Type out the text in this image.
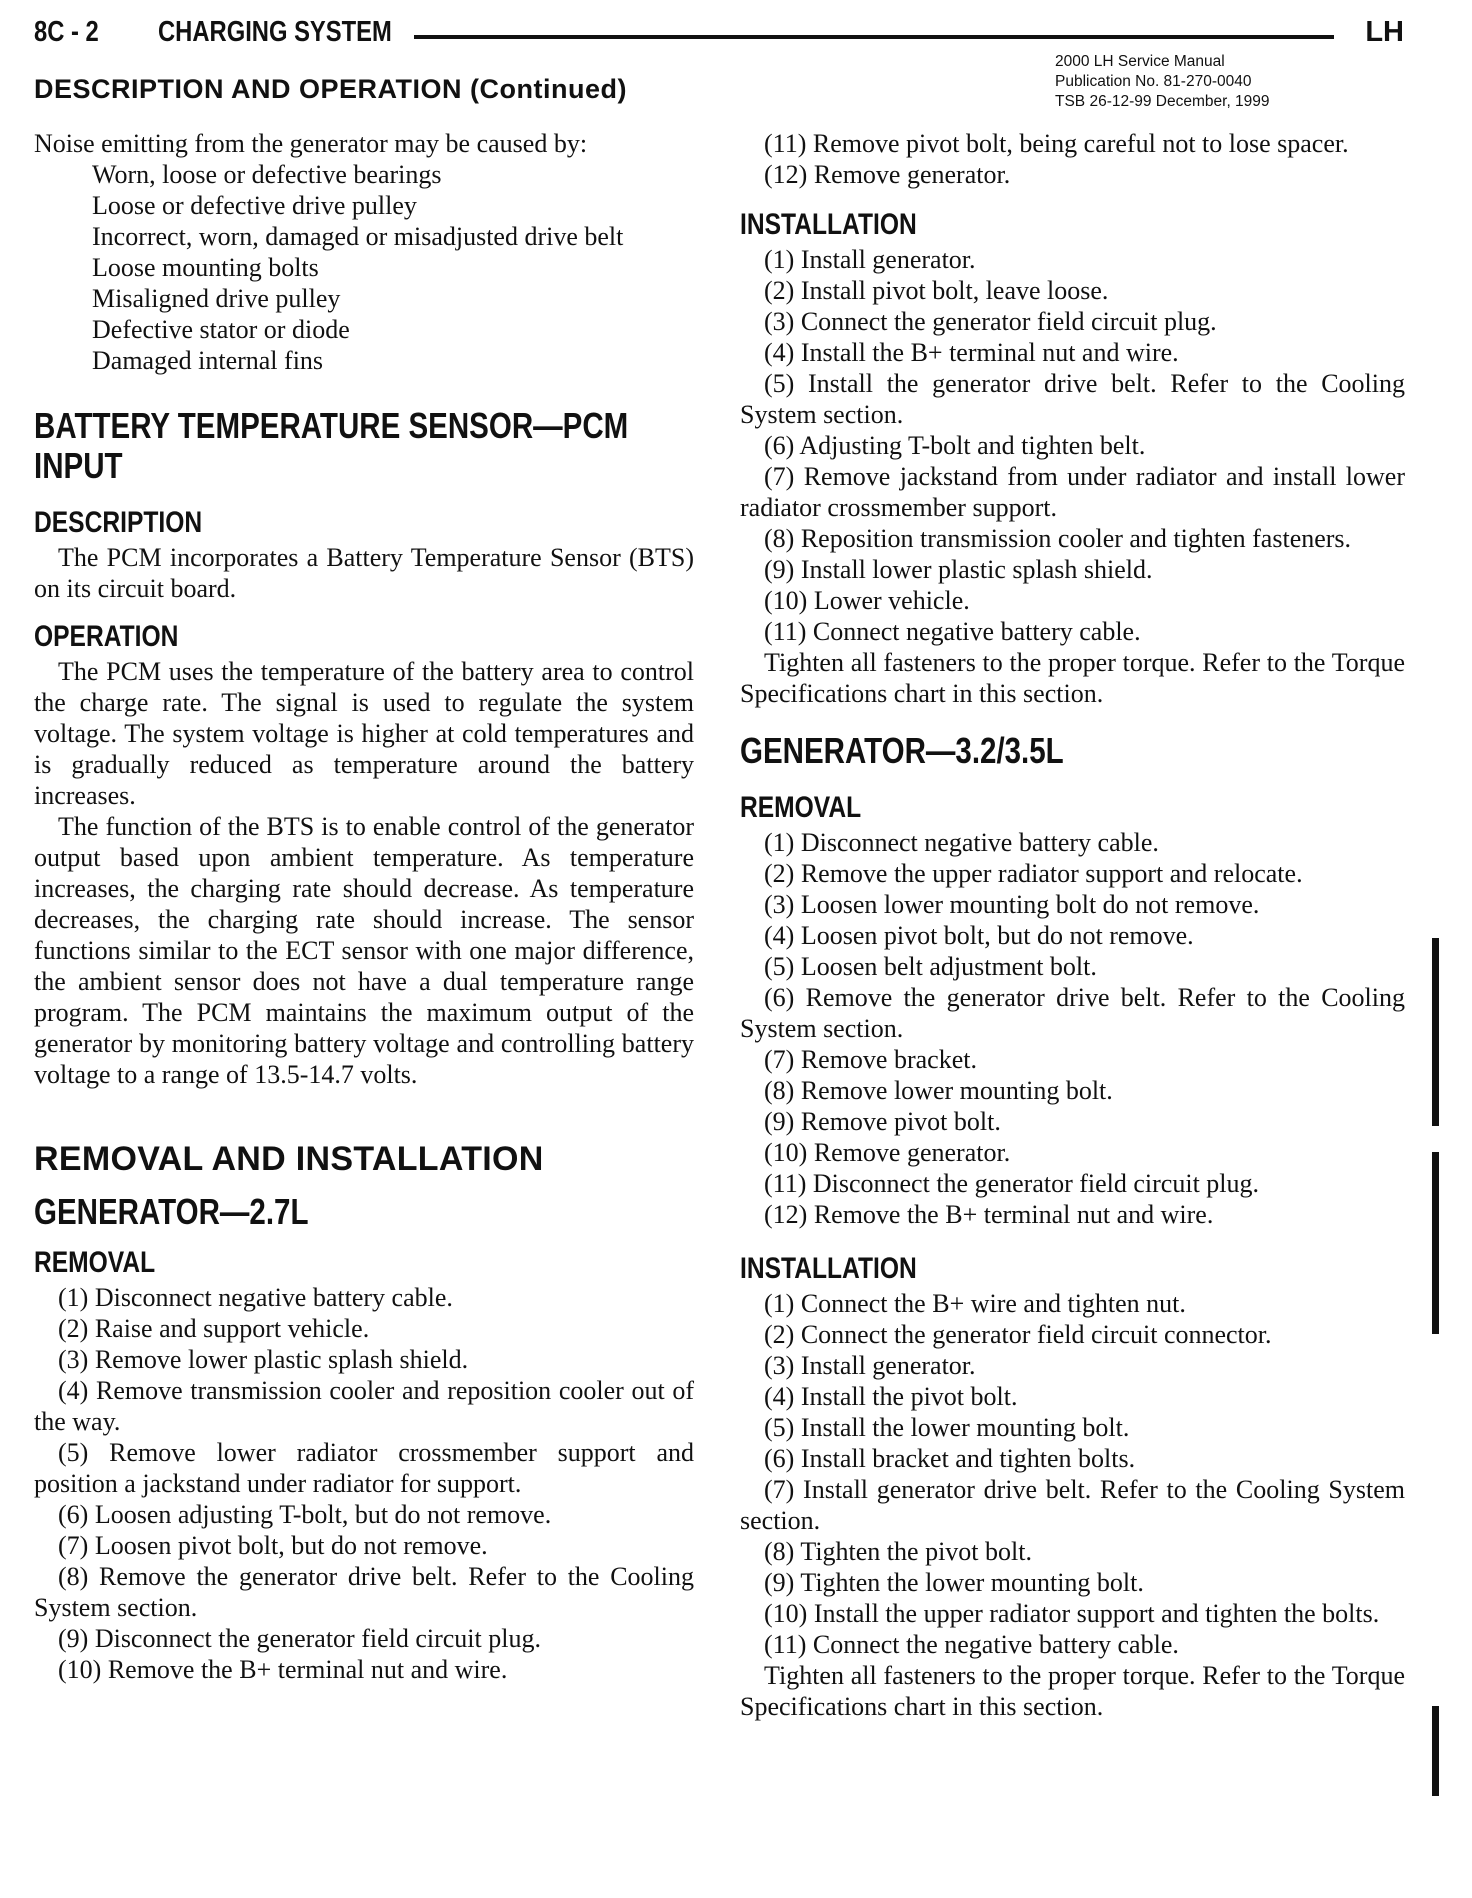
8C - 2 CHARGING SYSTEM	LH
2000 LH Service Manual
Publication No. 81-270-0040
TSB 26-12-99 December, 1999
DESCRIPTION AND OPERATION (Continued)

Noise emitting from the generator may be caused by:

Worn, loose or defective bearings

Loose or defective drive pulley

Incorrect, worn, damaged or misadjusted drive belt

Loose mounting bolts

Misaligned drive pulley

Defective stator or diode

Damaged internal fins

BATTERY TEMPERATURE SENSOR—PCM INPUT
DESCRIPTION

The PCM incorporates a Battery Temperature Sensor (BTS) on its circuit board.

OPERATION

The PCM uses the temperature of the battery area to control the charge rate. The signal is used to regulate the system voltage. The system voltage is higher at cold temperatures and is gradually reduced as temperature around the battery increases.

The function of the BTS is to enable control of the generator output based upon ambient temperature. As temperature increases, the charging rate should decrease. As temperature decreases, the charging rate should increase. The sensor functions similar to the ECT sensor with one major difference, the ambient sensor does not have a dual temperature range program. The PCM maintains the maximum output of the generator by monitoring battery voltage and controlling battery voltage to a range of 13.5-14.7 volts.

REMOVAL AND INSTALLATION
GENERATOR—2.7L
REMOVAL

(1) Disconnect negative battery cable.

(2) Raise and support vehicle.

(3) Remove lower plastic splash shield.

(4) Remove transmission cooler and reposition cooler out of the way.

(5) Remove lower radiator crossmember support and position a jackstand under radiator for support.

(6) Loosen adjusting T-bolt, but do not remove.

(7) Loosen pivot bolt, but do not remove.

(8) Remove the generator drive belt. Refer to the Cooling System section.

(9) Disconnect the generator field circuit plug.

(10) Remove the B+ terminal nut and wire.

(11) Remove pivot bolt, being careful not to lose spacer.

(12) Remove generator.

INSTALLATION

(1) Install generator.

(2) Install pivot bolt, leave loose.

(3) Connect the generator field circuit plug.

(4) Install the B+ terminal nut and wire.

(5) Install the generator drive belt. Refer to the Cooling System section.

(6) Adjusting T-bolt and tighten belt.

(7) Remove jackstand from under radiator and install lower radiator crossmember support.

(8) Reposition transmission cooler and tighten fasteners.

(9) Install lower plastic splash shield.

(10) Lower vehicle.

(11) Connect negative battery cable.

Tighten all fasteners to the proper torque. Refer to the Torque Specifications chart in this section.

GENERATOR—3.2/3.5L
REMOVAL

(1) Disconnect negative battery cable.

(2) Remove the upper radiator support and relocate.

(3) Loosen lower mounting bolt do not remove.

(4) Loosen pivot bolt, but do not remove.

(5) Loosen belt adjustment bolt.

(6) Remove the generator drive belt. Refer to the Cooling System section.

(7) Remove bracket.

(8) Remove lower mounting bolt.

(9) Remove pivot bolt.

(10) Remove generator.

(11) Disconnect the generator field circuit plug.

(12) Remove the B+ terminal nut and wire.

INSTALLATION

(1) Connect the B+ wire and tighten nut.

(2) Connect the generator field circuit connector.

(3) Install generator.

(4) Install the pivot bolt.

(5) Install the lower mounting bolt.

(6) Install bracket and tighten bolts.

(7) Install generator drive belt. Refer to the Cooling System section.

(8) Tighten the pivot bolt.

(9) Tighten the lower mounting bolt.

(10) Install the upper radiator support and tighten the bolts.

(11) Connect the negative battery cable.

Tighten all fasteners to the proper torque. Refer to the Torque Specifications chart in this section.
